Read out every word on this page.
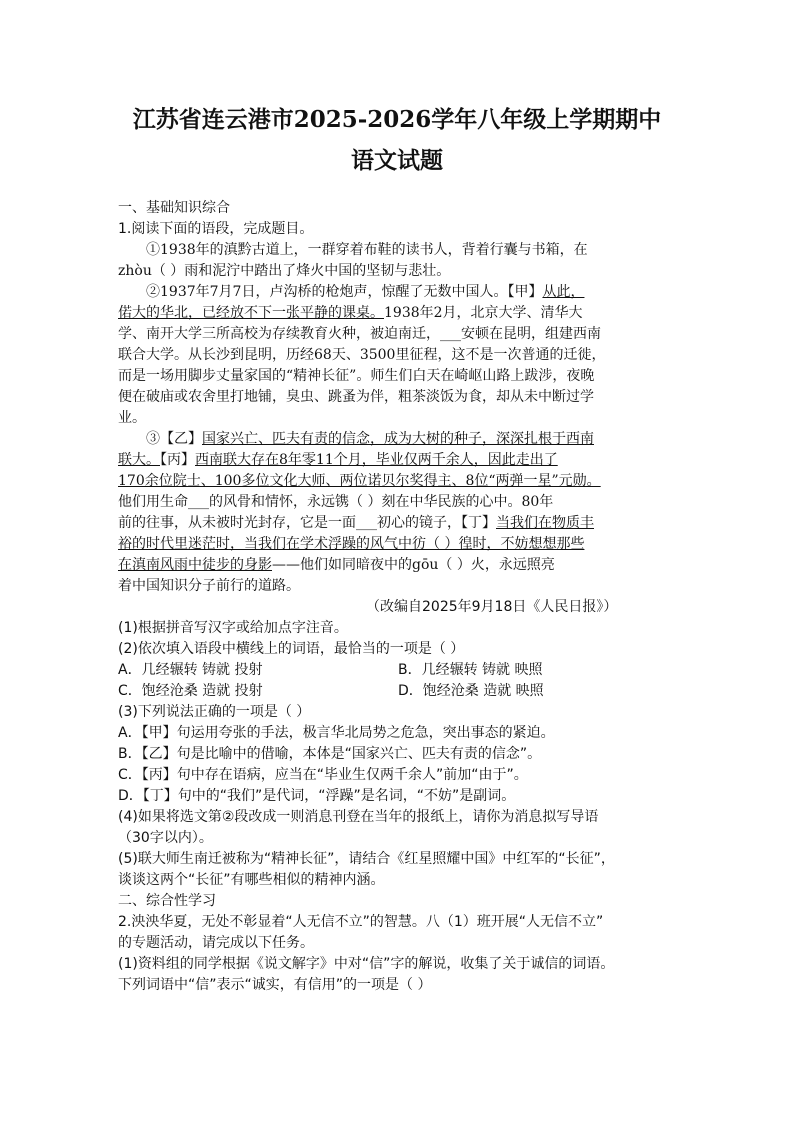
江苏省连云港市2025-2026学年八年级上学期期中
语文试题
一、基础知识综合
1.阅读下面的语段，完成题目。
①1938年的滇黔古道上，一群穿着布鞋的读书人，背着行囊与书箱，在
zhòu（ ）雨和泥泞中踏出了烽火中国的坚韧与悲壮。
②1937年7月7日，卢沟桥的枪炮声，惊醒了无数中国人。【甲】从此，
偌大的华北，已经放不下一张平静的课桌。1938年2月，北京大学、清华大
学、南开大学三所高校为存续教育火种，被迫南迁，___安顿在昆明，组建西南
联合大学。从长沙到昆明，历经68天、3500里征程，这不是一次普通的迁徙，
而是一场用脚步丈量家国的“精神长征”。师生们白天在崎岖山路上跋涉，夜晚
便在破庙或农舍里打地铺，臭虫、跳蚤为伴，粗茶淡饭为食，却从未中断过学
业。
③【乙】国家兴亡、匹夫有责的信念，成为大树的种子，深深扎根于西南
联大。【丙】西南联大存在8年零11个月，毕业仅两千余人，因此走出了
170余位院士、100多位文化大师、两位诺贝尔奖得主、8位“两弹一星”元勋。
他们用生命___的风骨和情怀，永远镌（ ）刻在中华民族的心中。80年
前的往事，从未被时光封存，它是一面___初心的镜子，【丁】当我们在物质丰
裕的时代里迷茫时，当我们在学术浮躁的风气中彷（ ）徨时，不妨想想那些
在滇南风雨中徒步的身影——他们如同暗夜中的gōu（ ）火，永远照亮
着中国知识分子前行的道路。
（改编自2025年9月18日《人民日报》）
(1)根据拼音写汉字或给加点字注音。
(2)依次填入语段中横线上的词语，最恰当的一项是（ ）
A．几经辗转 铸就 投射	B．几经辗转 铸就 映照
C．饱经沧桑 造就 投射	D．饱经沧桑 造就 映照
(3)下列说法正确的一项是（ ）
A．【甲】句运用夸张的手法，极言华北局势之危急，突出事态的紧迫。
B．【乙】句是比喻中的借喻，本体是“国家兴亡、匹夫有责的信念”。
C．【丙】句中存在语病，应当在“毕业生仅两千余人”前加“由于”。
D．【丁】句中的“我们”是代词，“浮躁”是名词，“不妨”是副词。
(4)如果将选文第②段改成一则消息刊登在当年的报纸上，请你为消息拟写导语
（30字以内）。
(5)联大师生南迁被称为“精神长征”，请结合《红星照耀中国》中红军的“长征”，
谈谈这两个“长征”有哪些相似的精神内涵。
二、综合性学习
2.泱泱华夏，无处不彰显着“人无信不立”的智慧。八（1）班开展“人无信不立”
的专题活动，请完成以下任务。
(1)资料组的同学根据《说文解字》中对“信”字的解说，收集了关于诚信的词语。
下列词语中“信”表示“诚实，有信用”的一项是（ ）
